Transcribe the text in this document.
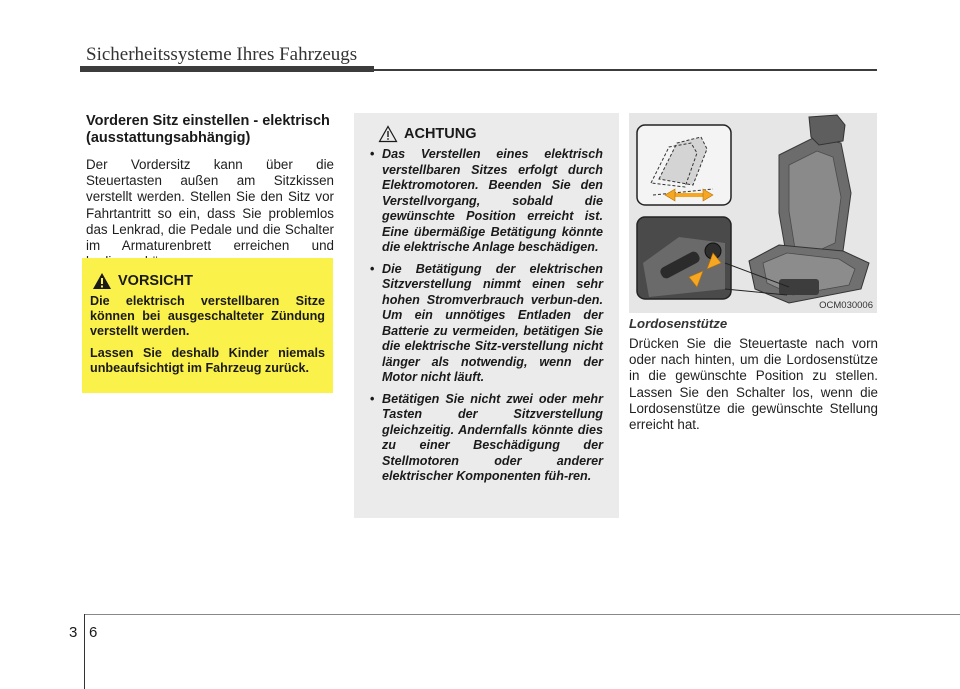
Sicherheitssysteme Ihres Fahrzeugs
Vorderen Sitz einstellen - elektrisch (ausstattungsabhängig)
Der Vordersitz kann über die Steuertasten außen am Sitzkissen verstellt werden. Stellen Sie den Sitz vor Fahrtantritt so ein, dass Sie problemlos das Lenkrad, die Pedale und die Schalter im Armaturenbrett erreichen und
VORSICHT

Die elektrisch verstellbaren Sitze können bei ausgeschalteter Zündung verstellt werden.

Lassen Sie deshalb Kinder niemals unbeaufsichtigt im Fahrzeug zurück.

ACHTUNG
• Das Verstellen eines elektrisch verstellbaren Sitzes erfolgt durch Elektromotoren. Beenden Sie den Verstellvorgang, sobald die gewünschte Position erreicht ist. Eine übermäßige Betätigung könnte die elektrische Anlage beschädigen.
• Die Betätigung der elektrischen Sitzverstellung nimmt einen sehr hohen Stromverbrauch verbun-den. Um ein unnötiges Entladen der Batterie zu vermeiden, betätigen Sie die elektrische Sitz-verstellung nicht länger als notwendig, wenn der Motor nicht läuft.
• Betätigen Sie nicht zwei oder mehr Tasten der Sitzverstellung gleichzeitig. Andernfalls könnte dies zu einer Beschädigung der Stellmotoren oder anderer elektrischer Komponenten füh-ren.
OCM030006
Lordosenstütze
Drücken Sie die Steuertaste nach vorn oder nach hinten, um die Lordosenstütze in die gewünschte Position zu stellen. Lassen Sie den Schalter los, wenn die Lordosenstütze die gewünschte Stellung erreicht hat.
3 6
